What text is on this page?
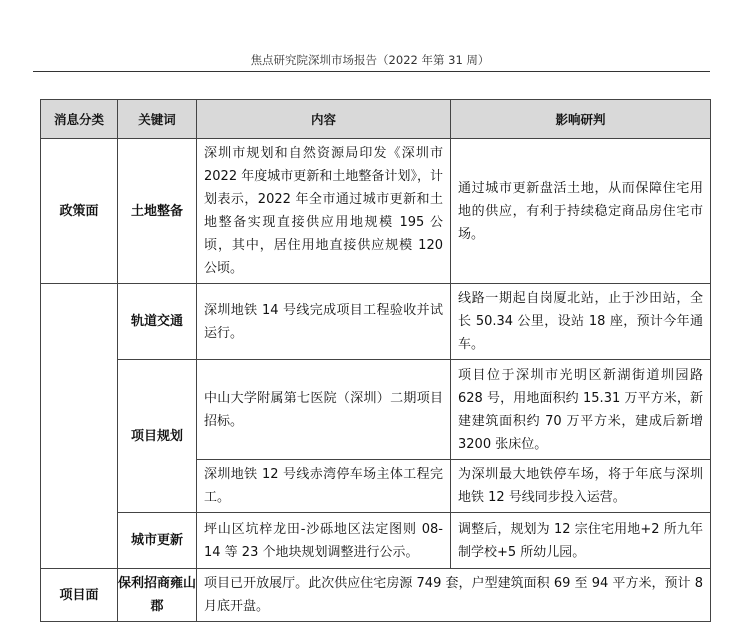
焦点研究院深圳市场报告（2022 年第 31 周）
消息分类	关键词	内容	影响研判
政策面	土地整备	深圳市规划和自然资源局印发《深圳市 2022 年度城市更新和土地整备计划》，计划表示，2022 年全市通过城市更新和土地整备实现直接供应用地规模 195 公顷，其中，居住用地直接供应规模 120 公顷。	通过城市更新盘活土地，从而保障住宅用地的供应，有利于持续稳定商品房住宅市场。

	轨道交通	深圳地铁 14 号线完成项目工程验收并试运行。	线路一期起自岗厦北站，止于沙田站，全长 50.34 公里，设站 18 座，预计今年通车。

	项目规划	中山大学附属第七医院（深圳）二期项目招标。	项目位于深圳市光明区新湖街道圳园路 628 号，用地面积约 15.31 万平方米，新建建筑面积约 70 万平方米，建成后新增 3200 张床位。

		深圳地铁 12 号线赤湾停车场主体工程完工。	为深圳最大地铁停车场，将于年底与深圳地铁 12 号线同步投入运营。

	城市更新	坪山区坑梓龙田-沙砾地区法定图则 08-14 等 23 个地块规划调整进行公示。	调整后，规划为 12 宗住宅用地+2 所九年制学校+5 所幼儿园。

项目面	保利招商雍山郡	项目已开放展厅。此次供应住宅房源 749 套，户型建筑面积 69 至 94 平方米，预计 8 月底开盘。	
